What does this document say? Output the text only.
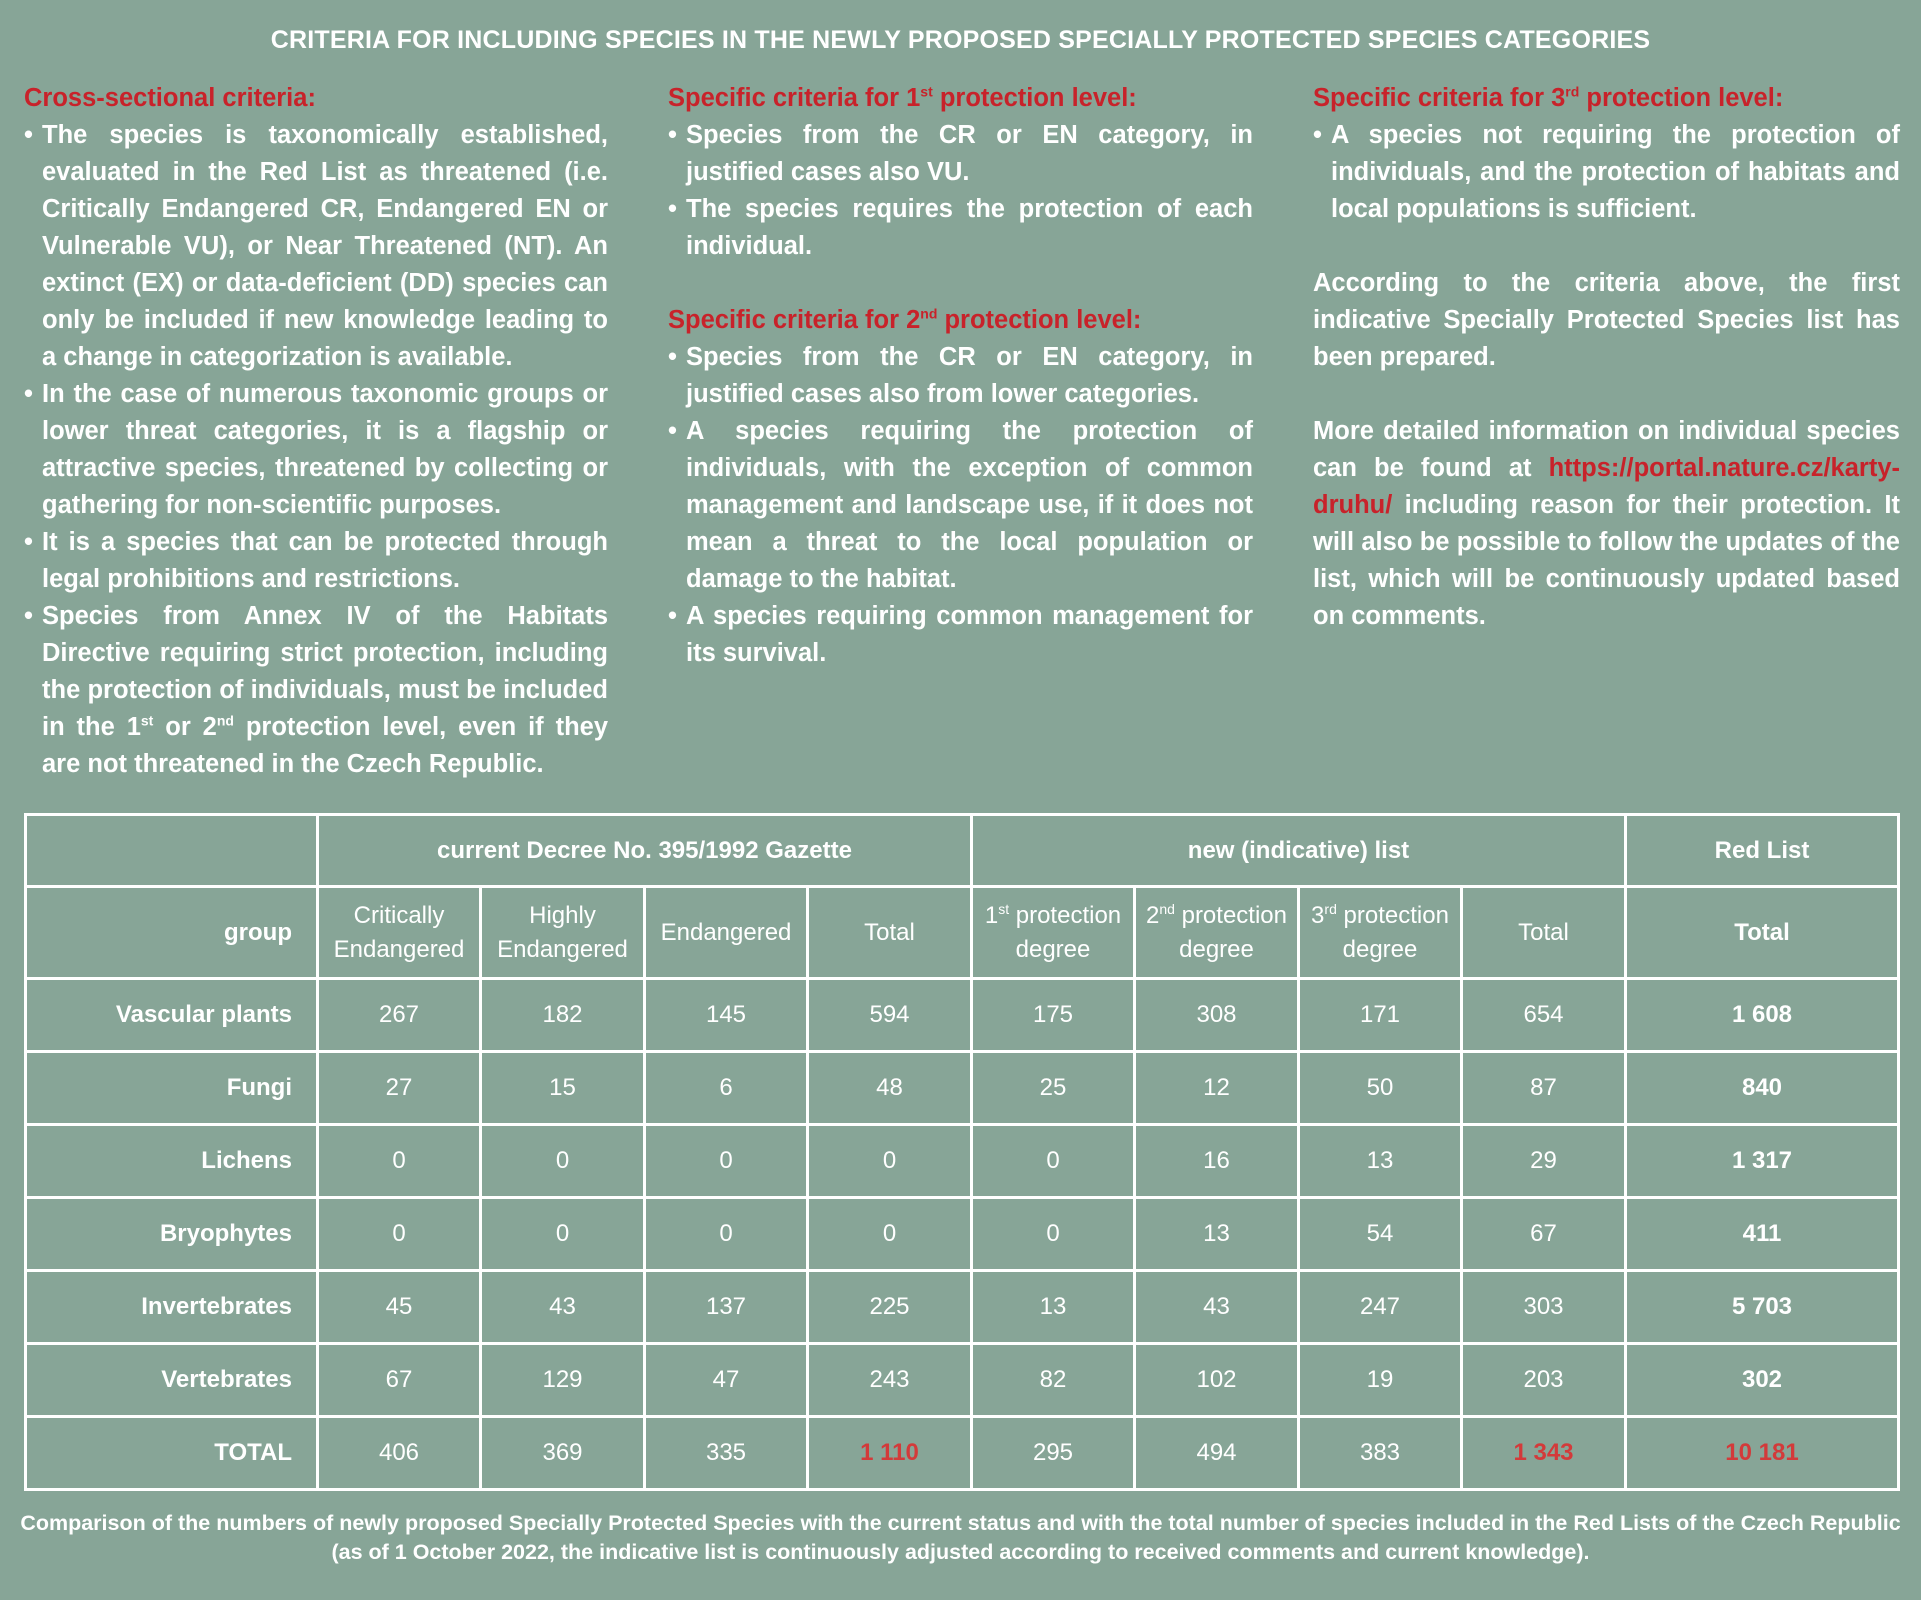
CRITERIA FOR INCLUDING SPECIES IN THE NEWLY PROPOSED SPECIALLY PROTECTED SPECIES CATEGORIES
Cross-sectional criteria:
• The species is taxonomically established, evaluated in the Red List as threatened (i.e. Critically Endangered CR, Endangered EN or Vulnerable VU), or Near Threatened (NT). An extinct (EX) or data-deficient (DD) species can only be included if new knowledge leading to a change in categorization is available.
• In the case of numerous taxonomic groups or lower threat categories, it is a flagship or attractive species, threatened by collecting or gathering for non-scientific purposes.
• It is a species that can be protected through legal prohibitions and restrictions.
• Species from Annex IV of the Habitats Directive requiring strict protection, including the protection of individuals, must be included in the 1st or 2nd protection level, even if they are not threatened in the Czech Republic.
Specific criteria for 1st protection level:
• Species from the CR or EN category, in justified cases also VU.
• The species requires the protection of each individual.
Specific criteria for 2nd protection level:
• Species from the CR or EN category, in justified cases also from lower categories.
• A species requiring the protection of individuals, with the exception of common management and landscape use, if it does not mean a threat to the local population or damage to the habitat.
• A species requiring common management for its survival.
Specific criteria for 3rd protection level:
• A species not requiring the protection of individuals, and the protection of habitats and local populations is sufficient.

According to the criteria above, the first indicative Specially Protected Species list has been prepared.

More detailed information on individual species can be found at https://portal.nature.cz/karty-druhu/ including reason for their protection. It will also be possible to follow the updates of the list, which will be continuously updated based on comments.

	current Decree No. 395/1992 Gazette				new (indicative) list				Red List
group	Critically Endangered	Highly Endangered	Endangered	Total	1st protection degree	2nd protection degree	3rd protection degree	Total	Total
Vascular plants	267	182	145	594	175	308	171	654	1 608
Fungi	27	15	6	48	25	12	50	87	840
Lichens	0	0	0	0	0	16	13	29	1 317
Bryophytes	0	0	0	0	0	13	54	67	411
Invertebrates	45	43	137	225	13	43	247	303	5 703
Vertebrates	67	129	47	243	82	102	19	203	302
TOTAL	406	369	335	1 110	295	494	383	1 343	10 181
Comparison of the numbers of newly proposed Specially Protected Species with the current status and with the total number of species included in the Red Lists of the Czech Republic
(as of 1 October 2022, the indicative list is continuously adjusted according to received comments and current knowledge).
